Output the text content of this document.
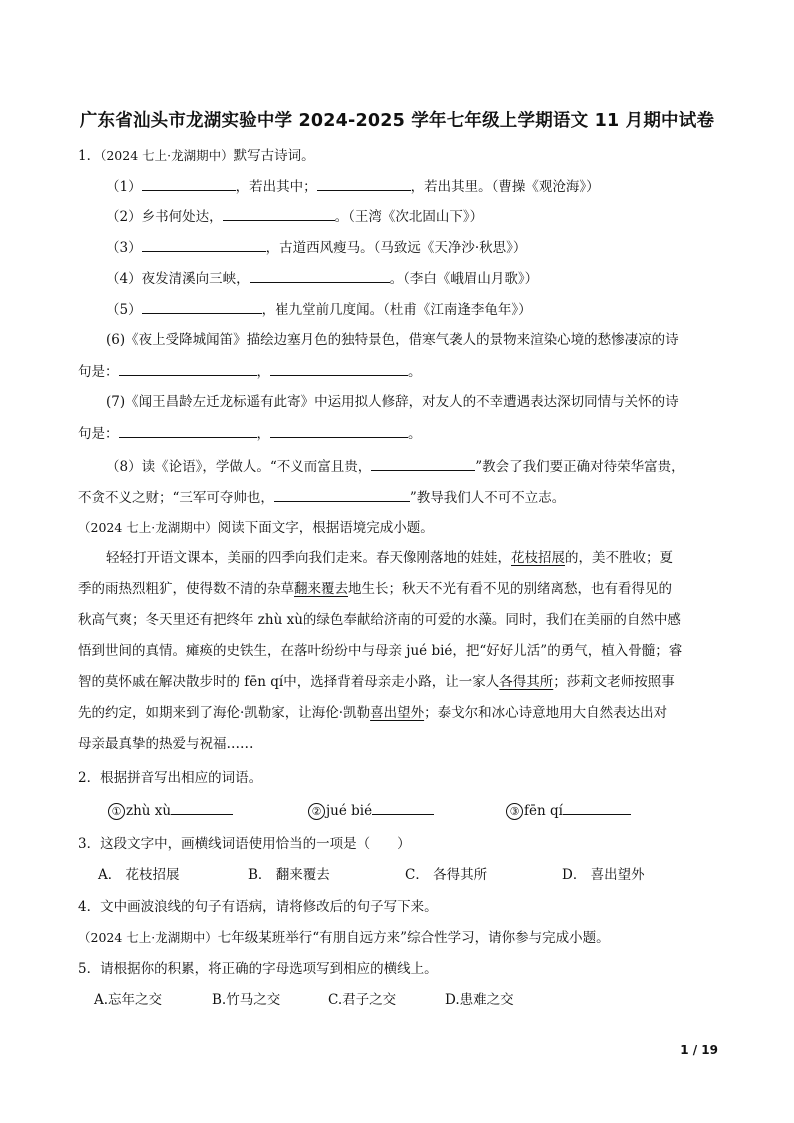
广东省汕头市龙湖实验中学 2024-2025 学年七年级上学期语文 11 月期中试卷
1．（2024 七上·龙湖期中）默写古诗词。
（1）	，若出其中；	，若出其里。（曹操《观沧海》）
（2）乡书何处达，	。（王湾《次北固山下》）
（3）	，古道西风瘦马。（马致远《天净沙·秋思》）
（4）夜发清溪向三峡，	。（李白《峨眉山月歌》）
（5）	，崔九堂前几度闻。（杜甫《江南逢李龟年》）
(6)《夜上受降城闻笛》描绘边塞月色的独特景色，借寒气袭人的景物来渲染心境的愁惨凄凉的诗
句是：	，	。
(7)《闻王昌龄左迁龙标遥有此寄》中运用拟人修辞，对友人的不幸遭遇表达深切同情与关怀的诗
句是：	，	。
（8）读《论语》，学做人。“不义而富且贵，	”教会了我们要正确对待荣华富贵，
不贪不义之财；“三军可夺帅也，	”教导我们人不可不立志。
（2024 七上·龙湖期中）阅读下面文字，根据语境完成小题。
轻轻打开语文课本，美丽的四季向我们走来。春天像刚落地的娃娃，花枝招展的，美不胜收；夏
季的雨热烈粗犷，使得数不清的杂草翻来覆去地生长；秋天不光有看不见的别绪离愁，也有看得见的
秋高气爽；冬天里还有把终年 zhù xù的绿色奉献给济南的可爱的水藻。同时，我们在美丽的自然中感
悟到世间的真情。瘫痪的史铁生，在落叶纷纷中与母亲 jué bié，把“好好儿活”的勇气，植入骨髓；睿
智的莫怀戚在解决散步时的 fēn qí中，选择背着母亲走小路，让一家人各得其所；莎莉文老师按照事
先的约定，如期来到了海伦·凯勒家，让海伦·凯勒喜出望外；泰戈尔和冰心诗意地用大自然表达出对
母亲最真挚的热爱与祝福……
2．根据拼音写出相应的词语。
① zhù xù	② jué bié	③ fēn qí
3．这段文字中，画横线词语使用恰当的一项是（　　）
A． 花枝招展	B． 翻来覆去	C． 各得其所	D． 喜出望外
4．文中画波浪线的句子有语病，请将修改后的句子写下来。
（2024 七上·龙湖期中）七年级某班举行“有朋自远方来”综合性学习，请你参与完成小题。
5．请根据你的积累，将正确的字母选项写到相应的横线上。
A.忘年之交	B.竹马之交	C.君子之交	D.患难之交
1 / 19
